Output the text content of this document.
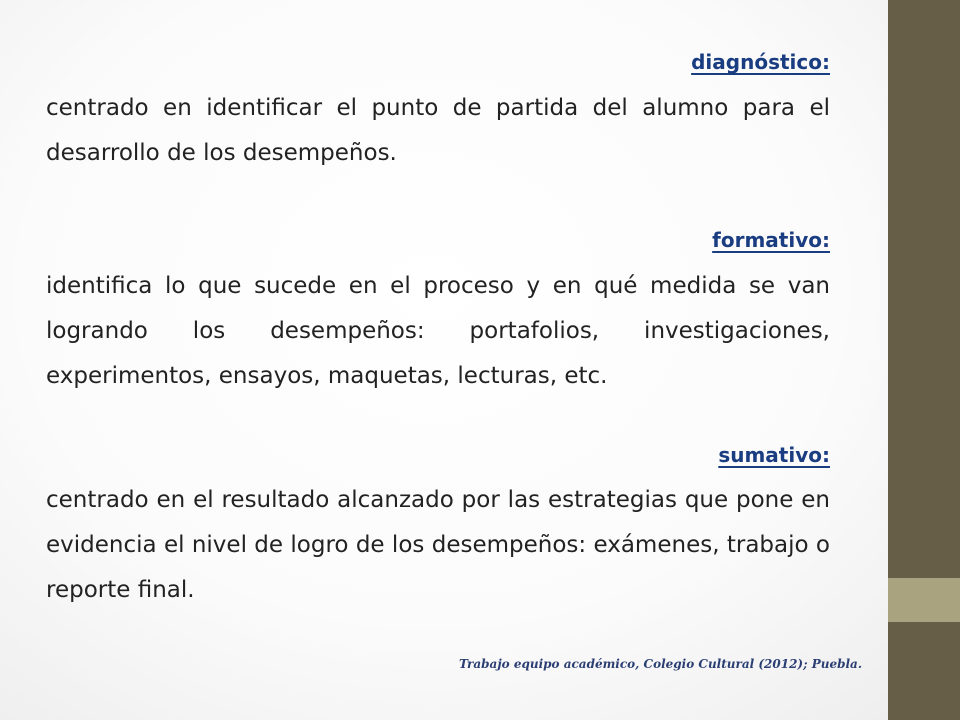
diagnóstico:

centrado en identificar el punto de partida del alumno para el desarrollo de los desempeños.

formativo:

identifica lo que sucede en el proceso y en qué medida se van logrando los desempeños: portafolios, investigaciones, experimentos, ensayos, maquetas, lecturas, etc.

sumativo:

centrado en el resultado alcanzado por las estrategias que pone en evidencia el nivel de logro de los desempeños: exámenes, trabajo o reporte final.

Trabajo equipo académico, Colegio Cultural (2012); Puebla.
